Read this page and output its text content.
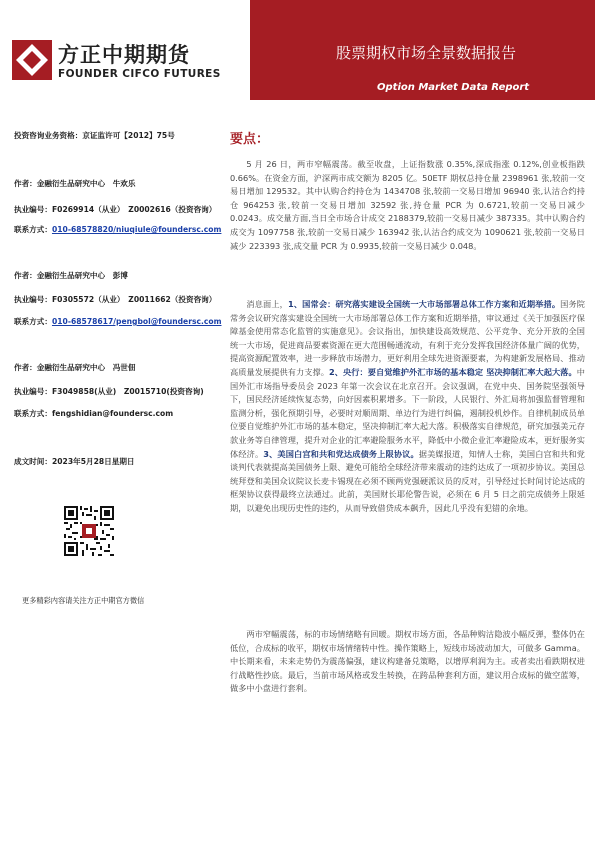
方正中期期货
FOUNDER CIFCO FUTURES
股票期权市场全景数据报告
Option Market Data Report
投资咨询业务资格：京证监许可【2012】75号
作者：金融衍生品研究中心　牛欢乐
执业编号：F0269914（从业）　Z0002616（投资咨询）
联系方式：010-68578820/niuqiule@foundersc.com
作者：金融衍生品研究中心　彭博
执业编号：F0305572（从业）　Z0011662（投资咨询）
联系方式：010-68578617/pengbol@foundersc.com
作者：金融衍生品研究中心　冯世佃
执业编号：F3049858(从业)　Z0015710(投资咨询)
联系方式：fengshidian@foundersc.com
成文时间：2023年5月28日星期日
更多精彩内容请关注方正中期官方微信
要点：

5 月 26 日，两市窄幅震荡。截至收盘，上证指数涨 0.35%,深成指涨 0.12%,创业板指跌 0.66%。在资金方面，沪深两市成交额为 8205 亿。50ETF 期权总持仓量 2398961 张,较前一交易日增加 129532。其中认购合约持仓为 1434708 张,较前一交易日增加 96940 张,认沽合约持仓 964253 张,较前一交易日增加 32592 张,持仓量 PCR 为 0.6721,较前一交易日减少 0.0243。成交量方面,当日全市场合计成交 2188379,较前一交易日减少 387335。其中认购合约成交为 1097758 张,较前一交易日减少 163942 张,认沽合约成交为 1090621 张,较前一交易日减少 223393 张,成交量 PCR 为 0.9935,较前一交易日减少 0.048。

消息面上，1、国常会：研究落实建设全国统一大市场部署总体工作方案和近期举措。国务院常务会议研究落实建设全国统一大市场部署总体工作方案和近期举措，审议通过《关于加强医疗保障基金使用常态化监管的实施意见》。会议指出，加快建设高效规范、公平竞争、充分开放的全国统一大市场，促进商品要素资源在更大范围畅通流动，有利于充分发挥我国经济体量广阔的优势，提高资源配置效率，进一步释放市场潜力，更好利用全球先进资源要素，为构建新发展格局、推动高质量发展提供有力支撑。2、央行：要自觉维护外汇市场的基本稳定 坚决抑制汇率大起大落。中国外汇市场指导委员会 2023 年第一次会议在北京召开。会议强调，在党中央、国务院坚强领导下，国民经济延续恢复态势，向好因素积累增多。下一阶段，人民银行、外汇局将加强监督管理和监测分析，强化预期引导，必要时对顺周期、单边行为进行纠偏，遏制投机炒作。自律机制成员单位要自觉维护外汇市场的基本稳定，坚决抑制汇率大起大落。积极落实自律规范，研究加强美元存款业务等自律管理，提升对企业的汇率避险服务水平，降低中小微企业汇率避险成本，更好服务实体经济。3、美国白宫和共和党达成债务上限协议。据美媒报道，知情人士称，美国白宫和共和党谈判代表就提高美国债务上限、避免可能给全球经济带来震动的违约达成了一项初步协议。美国总统拜登和美国众议院议长麦卡锡现在必须不顾两党强硬派议员的反对，引导经过长时间讨论达成的框架协议获得最终立法通过。此前，美国财长耶伦警告说，必须在 6 月 5 日之前完成债务上限延期，以避免出现历史性的违约，从而导致借贷成本飙升，因此几乎没有犯错的余地。

两市窄幅震荡，标的市场情绪略有回暖。期权市场方面，各品种购沽隐波小幅反弹，整体仍在低位，合成标的收平，期权市场情绪转中性。操作策略上，短线市场波动加大，可做多 Gamma。中长期来看，未来走势仍为震荡偏强，建议构建备兑策略，以增厚利润为主。或者卖出看跌期权进行战略性抄底。最后，当前市场风格或发生转换，在跨品种套利方面，建议用合成标的做空蓝筹，做多中小盘进行套利。
